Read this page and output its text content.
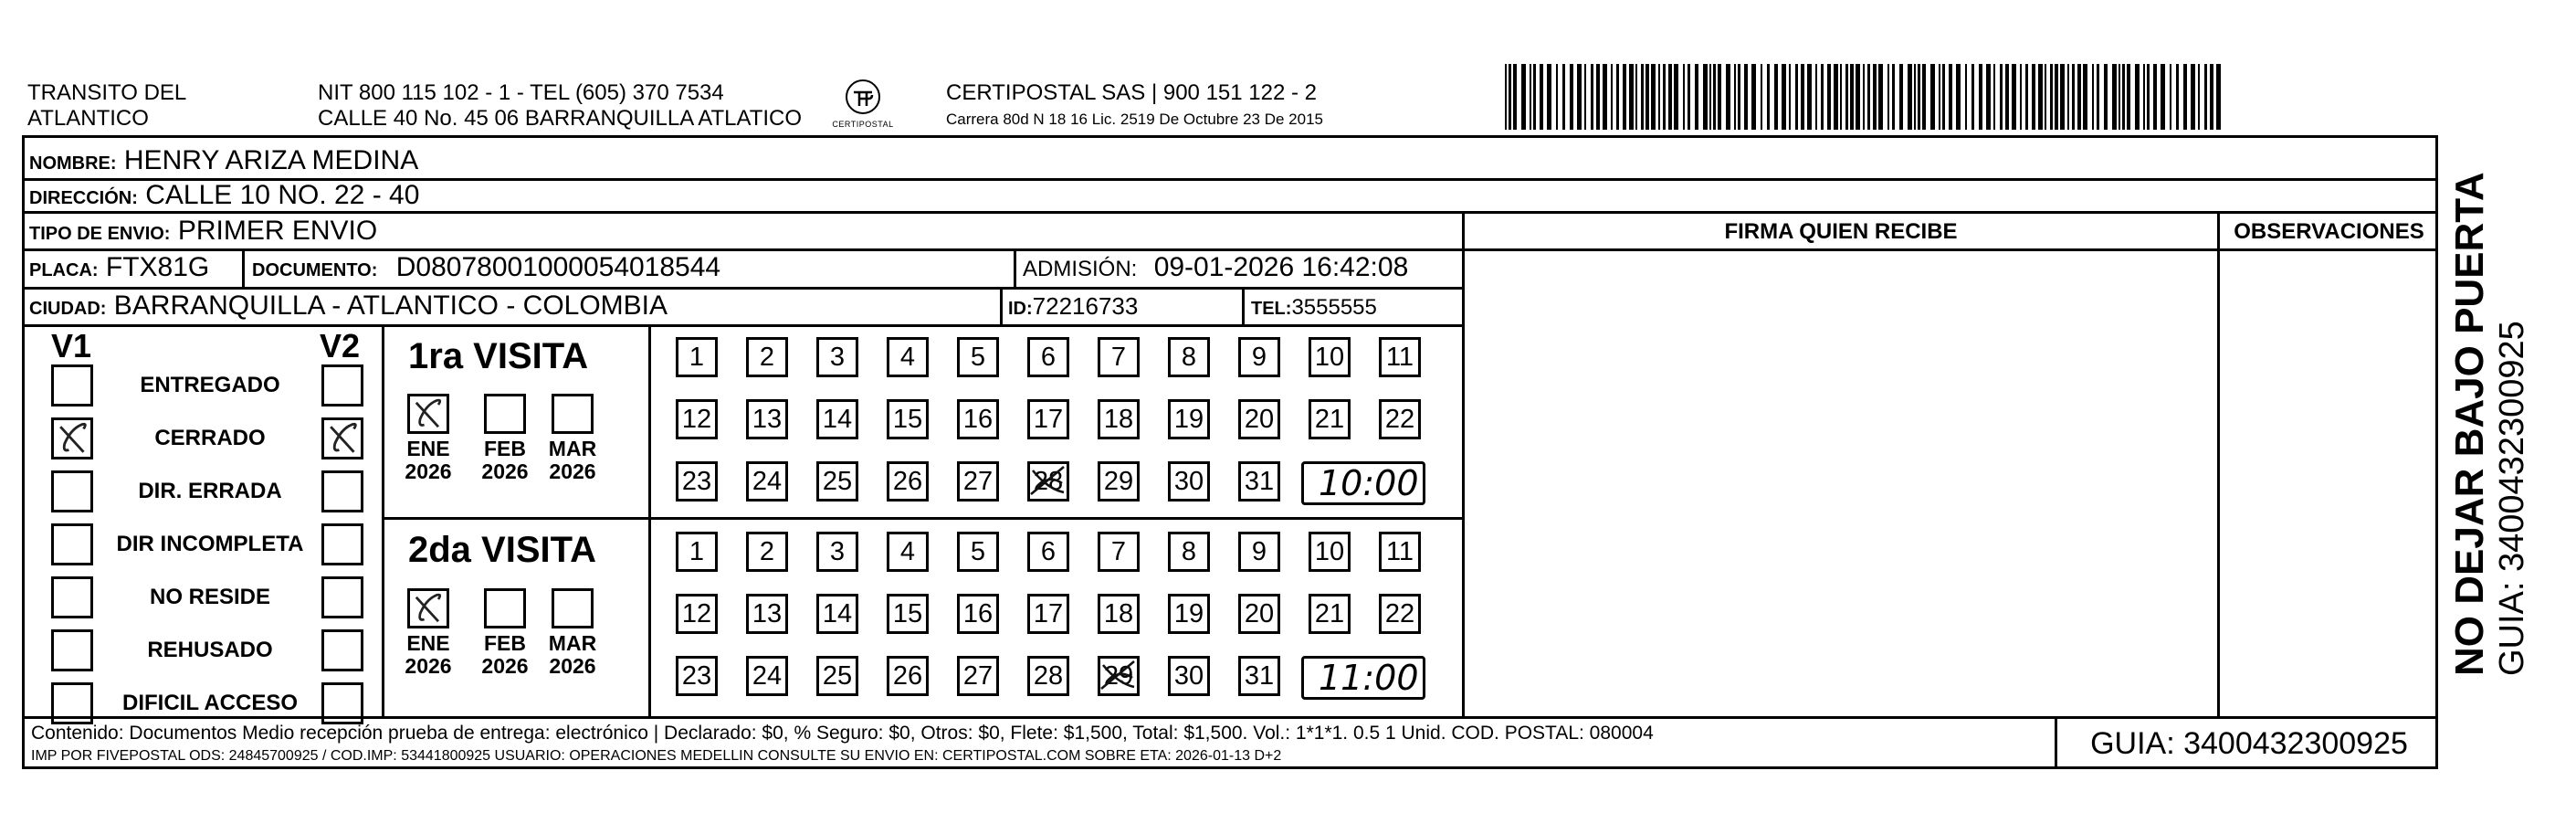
TRANSITO DEL
ATLANTICO
NIT 800 115 102 - 1 - TEL (605) 370 7534
CALLE 40 No. 45 06 BARRANQUILLA ATLATICO	CERTIPOSTAL
CERTIPOSTAL SAS | 900 151 122 - 2
Carrera 80d N 18 16 Lic. 2519 De Octubre 23 De 2015
NOMBRE: HENRY ARIZA MEDINA
DIRECCIÓN: CALLE 10 NO. 22 - 40
TIPO DE ENVIO: PRIMER ENVIO	FIRMA QUIEN RECIBE	OBSERVACIONES
PLACA: FTX81G DOCUMENTO: D08078001000054018544	ADMISIÓN: 09-01-2026 16:42:08
CIUDAD: BARRANQUILLA - ATLANTICO - COLOMBIA	ID:72216733	TEL:3555555
V1	V2
ENTREGADO
CERRADO
DIR. ERRADA
DIR INCOMPLETA
NO RESIDE
REHUSADO
DIFICIL ACCESO
1ra VISITA
2da VISITA
ENE
2026
FEB
2026
MAR
2026
1	2	3	4	5	6	7	8	9	10 11
12 13 14 15 16 17 18 19 20 21 22
23 24 25 26 27 28 29 30 31 10:00
ENE
2026
FEB
2026
MAR
2026
1	2	3	4	5	6	7	8	9	10 11
12 13 14 15 16 17 18 19 20 21 22
23 24 25 26 27 28 29 30 31 11:00
Contenido: Documentos Medio recepción prueba de entrega: electrónico | Declarado: $0, % Seguro: $0, Otros: $0, Flete: $1,500, Total: $1,500. Vol.: 1*1*1. 0.5 1 Unid. COD. POSTAL: 080004
IMP POR FIVEPOSTAL ODS: 24845700925 / COD.IMP: 53441800925 USUARIO: OPERACIONES MEDELLIN CONSULTE SU ENVIO EN: CERTIPOSTAL.COM SOBRE ETA: 2026-01-13 D+2	GUIA: 3400432300925
NO DEJAR BAJO PUERTA GUIA: 3400432300925
